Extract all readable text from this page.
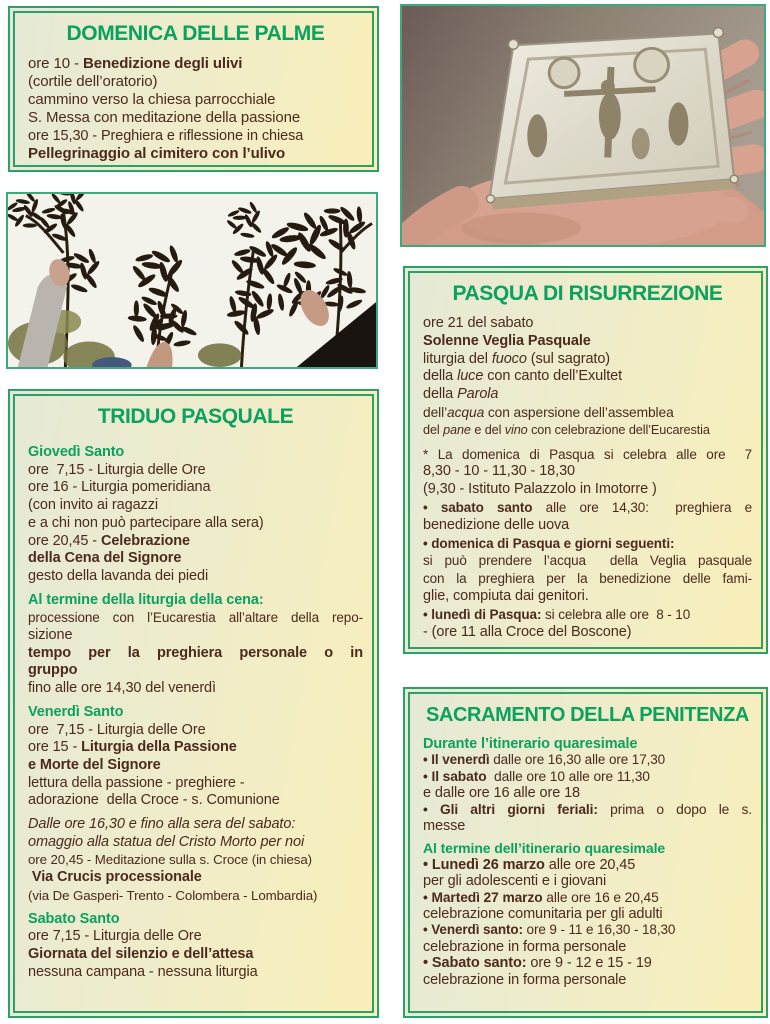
DOMENICA DELLE PALME
ore 10 - Benedizione degli ulivi
(cortile dell’oratorio)
cammino verso la chiesa parrocchiale
S. Messa con meditazione della passione
ore 15,30 - Preghiera e riflessione in chiesa
Pellegrinaggio al cimitero con l’ulivo
TRIDUO PASQUALE
Giovedì Santo
ore  7,15 - Liturgia delle Ore
ore 16 - Liturgia pomeridiana
(con invito ai ragazzi
e a chi non può partecipare alla sera)
ore 20,45 - Celebrazione
della Cena del Signore
gesto della lavanda dei piedi
Al termine della liturgia della cena:
processione con l’Eucarestia all’altare della repo-
sizione
tempo per la preghiera personale o in
gruppo
fino alle ore 14,30 del venerdì
Venerdì Santo
ore  7,15 - Liturgia delle Ore
ore 15 - Liturgia della Passione
e Morte del Signore
lettura della passione - preghiere -
adorazione  della Croce - s. Comunione
Dalle ore 16,30 e fino alla sera del sabato:
omaggio alla statua del Cristo Morto per noi
ore 20,45 - Meditazione sulla s. Croce (in chiesa)
Via Crucis processionale
(via De Gasperi- Trento - Colombera - Lombardia)
Sabato Santo
ore 7,15 - Liturgia delle Ore
Giornata del silenzio e dell’attesa
nessuna campana - nessuna liturgia
PASQUA DI RISURREZIONE
ore 21 del sabato
Solenne Veglia Pasquale
liturgia del fuoco (sul sagrato)
della luce con canto dell’Exultet
della Parola
dell’acqua con aspersione dell’assemblea
del pane e del vino con celebrazione dell’Eucarestia
* La domenica di Pasqua si celebra alle ore  7
8,30 - 10 - 11,30 - 18,30
(9,30 - Istituto Palazzolo in Imotorre )
• sabato santo alle ore 14,30:  preghiera e
benedizione delle uova
• domenica di Pasqua e giorni seguenti:
si può prendere l’acqua  della Veglia pasquale
con la preghiera per la benedizione delle fami-
glie, compiuta dai genitori.
• lunedì di Pasqua: si celebra alle ore  8 - 10
- (ore 11 alla Croce del Boscone)
SACRAMENTO DELLA PENITENZA
Durante l’itinerario quaresimale
• Il venerdì dalle ore 16,30 alle ore 17,30
• Il sabato  dalle ore 10 alle ore 11,30
e dalle ore 16 alle ore 18
• Gli altri giorni feriali: prima o dopo le s.
messe
Al termine dell’itinerario quaresimale
• Lunedì 26 marzo alle ore 20,45
per gli adolescenti e i giovani
• Martedì 27 marzo alle ore 16 e 20,45
celebrazione comunitaria per gli adulti
• Venerdì santo: ore 9 - 11 e 16,30 - 18,30
celebrazione in forma personale
• Sabato santo: ore 9 - 12 e 15 - 19
celebrazione in forma personale
